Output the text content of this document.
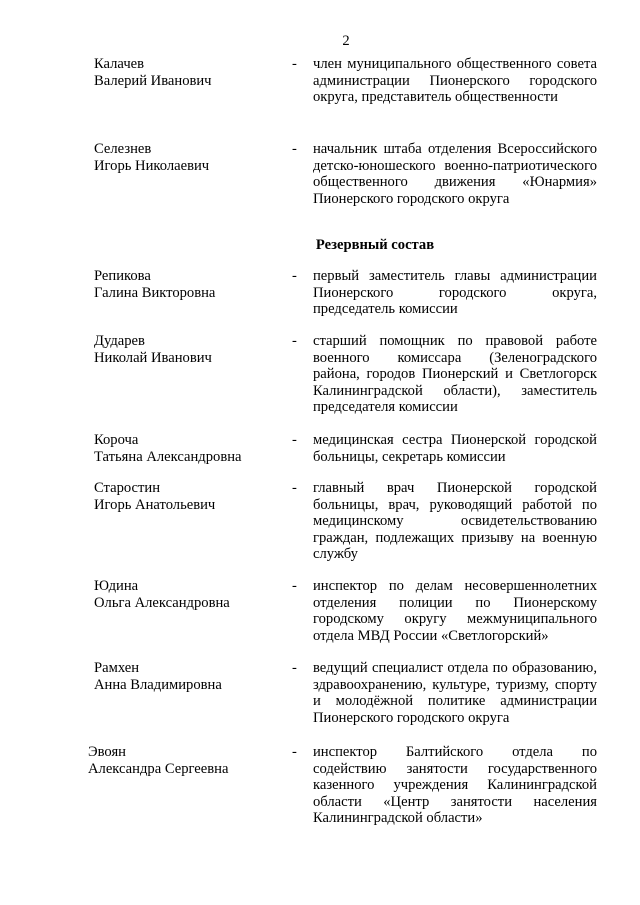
2
Калачев
Валерий Иванович
- член муниципального общественного совета администрации Пионерского городского округа, представитель общественности
Селезнев
Игорь Николаевич
- начальник штаба отделения Всероссийского детско-юношеского военно-патриотического общественного движения «Юнармия» Пионерского городского округа
Резервный состав
Репикова
Галина Викторовна
- первый заместитель главы администрации Пионерского городского округа, председатель комиссии
Дударев
Николай Иванович
- старший помощник по правовой работе военного комиссара (Зеленоградского района, городов Пионерский и Светлогорск Калининградской области), заместитель председателя комиссии
Короча
Татьяна Александровна
- медицинская сестра Пионерской городской больницы, секретарь комиссии
Старостин
Игорь Анатольевич
- главный врач Пионерской городской больницы, врач, руководящий работой по медицинскому освидетельствованию граждан, подлежащих призыву на военную службу
Юдина
Ольга Александровна
- инспектор по делам несовершеннолетних отделения полиции по Пионерскому городскому округу межмуниципального отдела МВД России «Светлогорский»
Рамхен
Анна Владимировна
- ведущий специалист отдела по образованию, здравоохранению, культуре, туризму, спорту и молодёжной политике администрации Пионерского городского округа
Эвоян
Александра Сергеевна
- инспектор Балтийского отдела по содействию занятости государственного казенного учреждения Калининградской области «Центр занятости населения Калининградской области»
